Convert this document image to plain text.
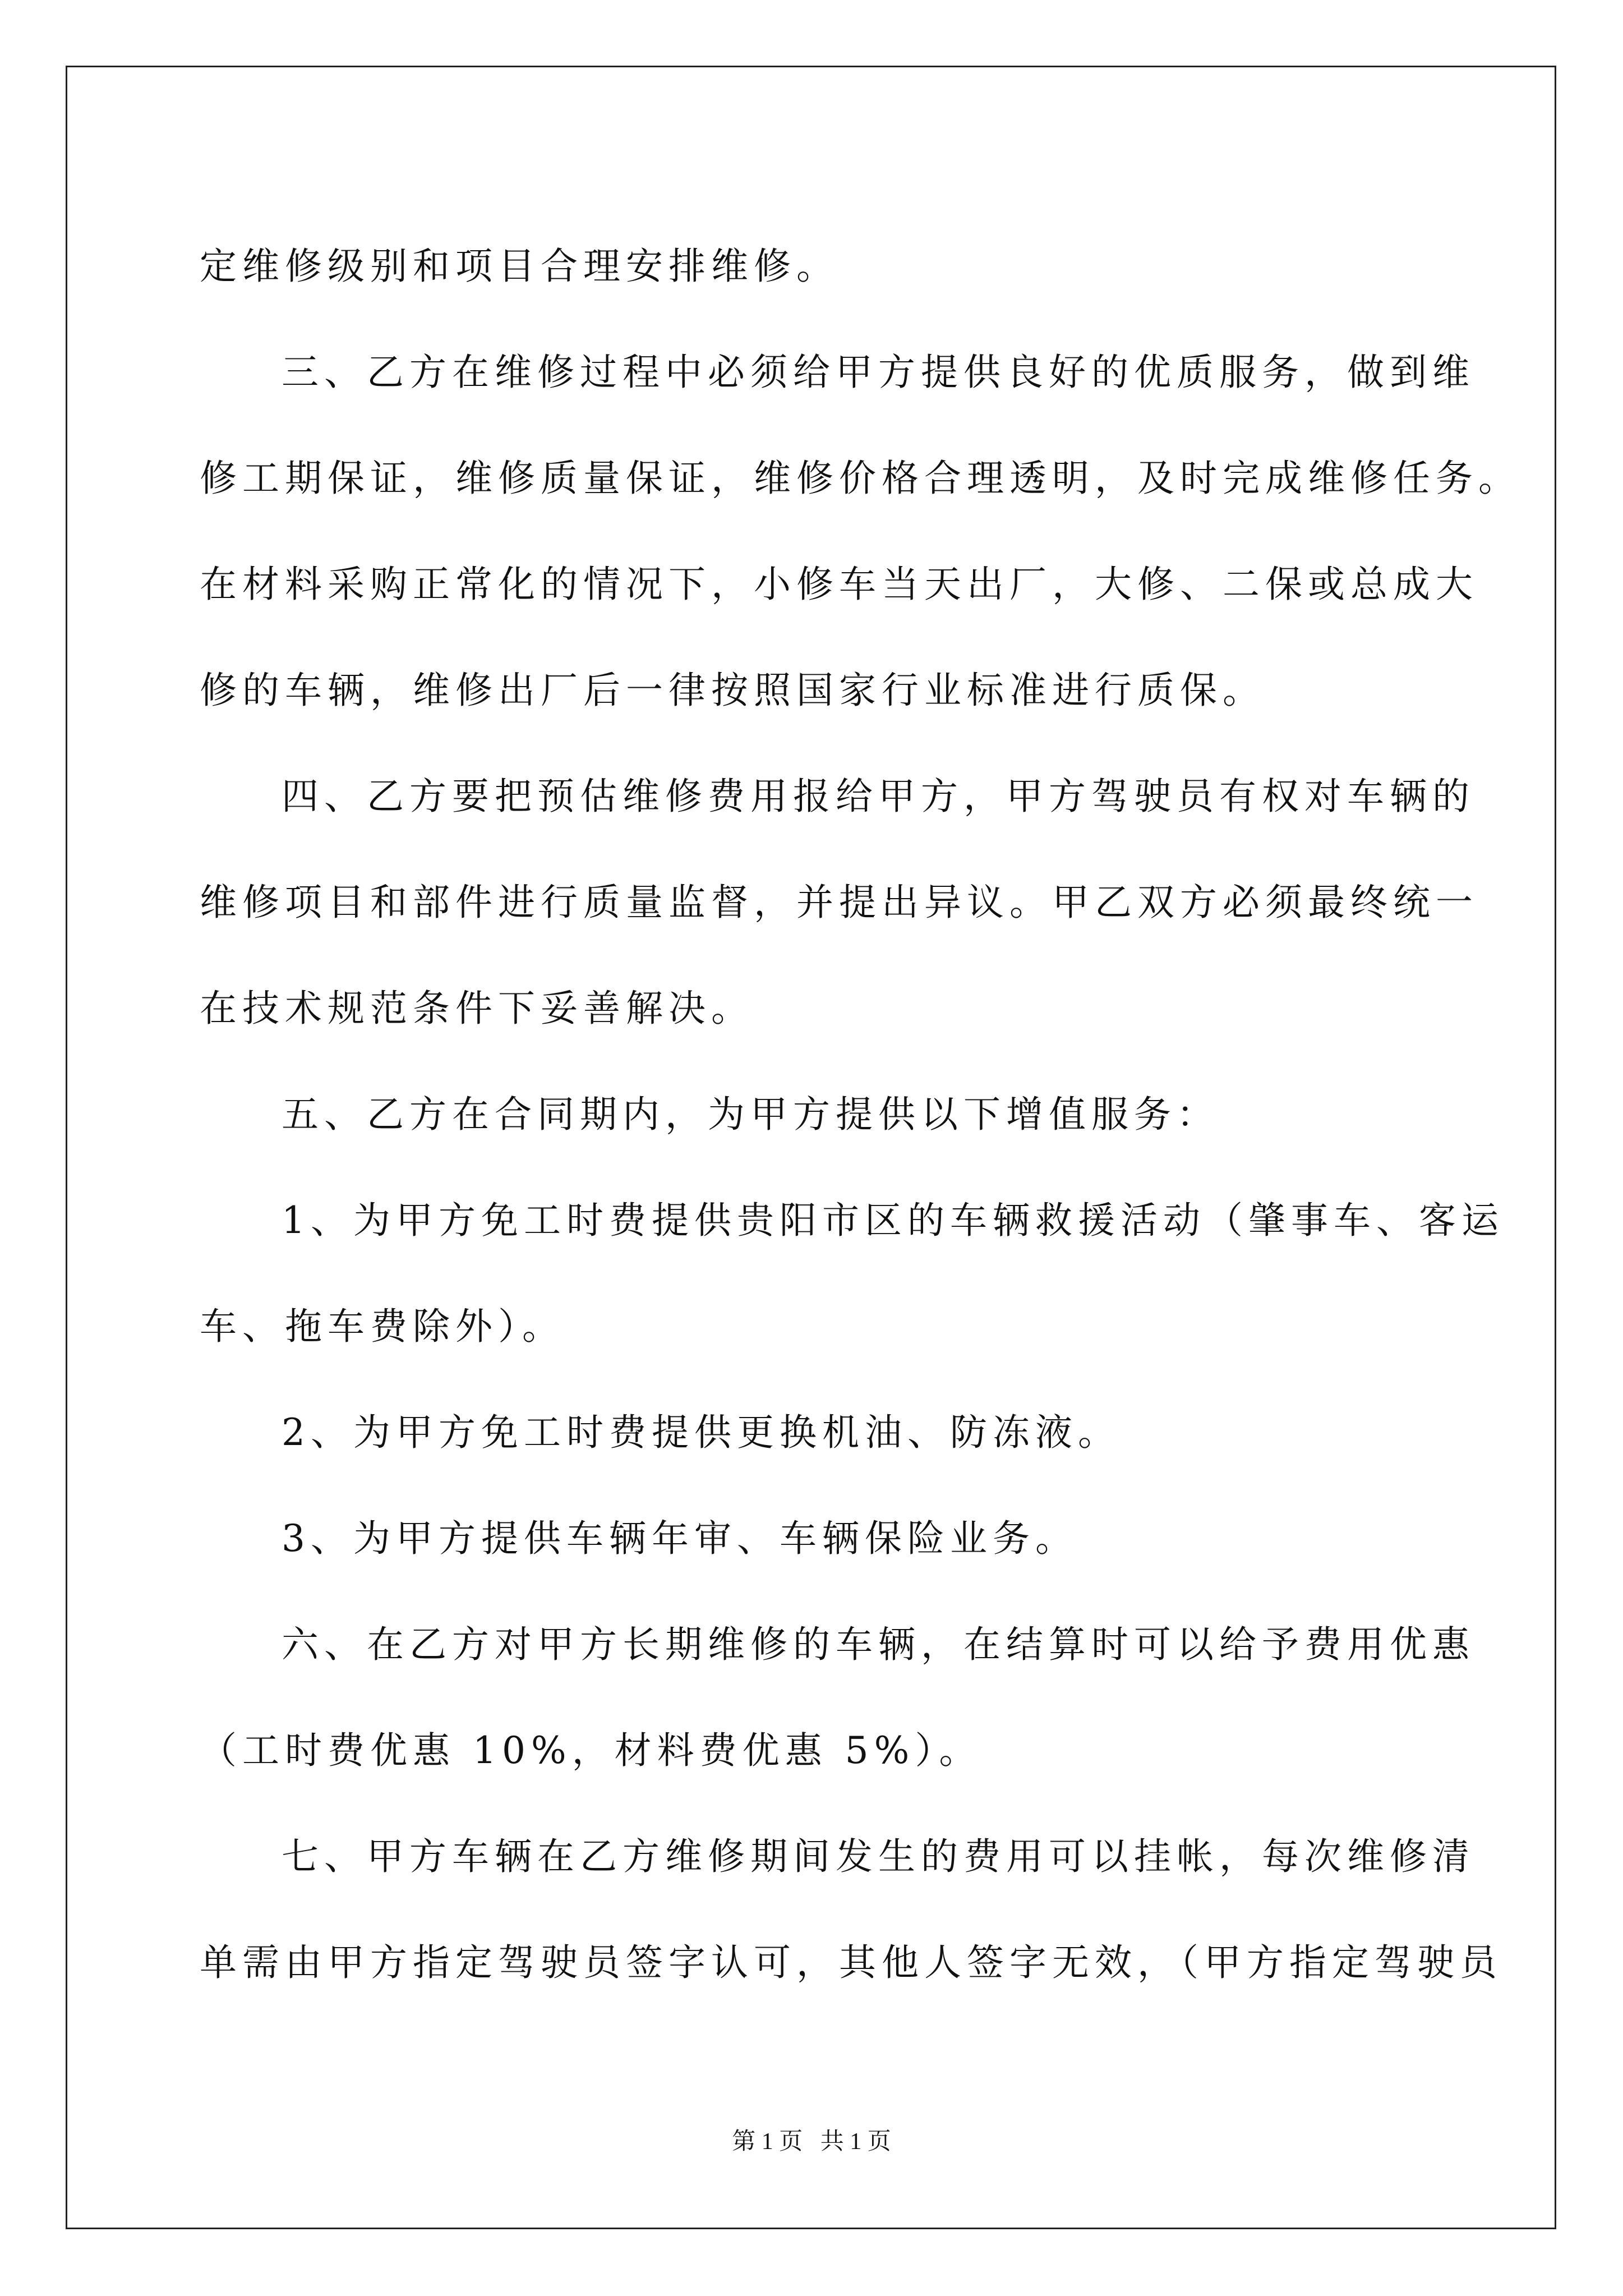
定维修级别和项目合理安排维修。
三、乙方在维修过程中必须给甲方提供良好的优质服务，做到维
修工期保证，维修质量保证，维修价格合理透明，及时完成维修任务。
在材料采购正常化的情况下，小修车当天出厂，大修、二保或总成大
修的车辆，维修出厂后一律按照国家行业标准进行质保。
四、乙方要把预估维修费用报给甲方，甲方驾驶员有权对车辆的
维修项目和部件进行质量监督，并提出异议。甲乙双方必须最终统一
在技术规范条件下妥善解决。
五、乙方在合同期内，为甲方提供以下增值服务：
1、为甲方免工时费提供贵阳市区的车辆救援活动（肇事车、客运
车、拖车费除外）。
2、为甲方免工时费提供更换机油、防冻液。
3、为甲方提供车辆年审、车辆保险业务。
六、在乙方对甲方长期维修的车辆，在结算时可以给予费用优惠
（工时费优惠 10%，材料费优惠 5%）。
七、甲方车辆在乙方维修期间发生的费用可以挂帐，每次维修清
单需由甲方指定驾驶员签字认可，其他人签字无效，（甲方指定驾驶员
第 1 页   共 1 页
